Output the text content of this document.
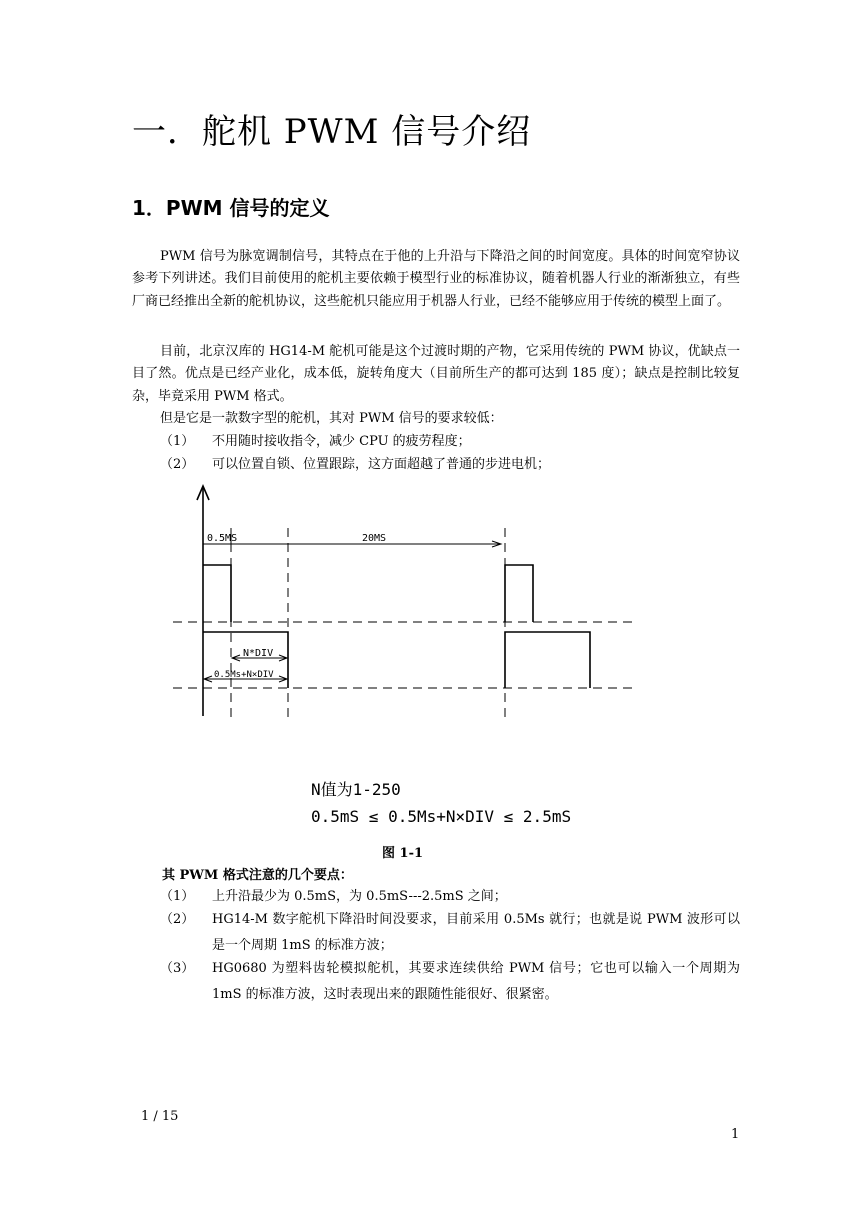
一．舵机 PWM 信号介绍
1．PWM 信号的定义

PWM 信号为脉宽调制信号，其特点在于他的上升沿与下降沿之间的时间宽度。具体的时间宽窄协议参考下列讲述。我们目前使用的舵机主要依赖于模型行业的标准协议，随着机器人行业的渐渐独立，有些厂商已经推出全新的舵机协议，这些舵机只能应用于机器人行业，已经不能够应用于传统的模型上面了。

目前，北京汉库的 HG14-M 舵机可能是这个过渡时期的产物，它采用传统的 PWM 协议，优缺点一目了然。优点是已经产业化，成本低，旋转角度大（目前所生产的都可达到 185 度）；缺点是控制比较复杂，毕竟采用 PWM 格式。

但是它是一款数字型的舵机，其对 PWM 信号的要求较低：

（1） 不用随时接收指令，减少 CPU 的疲劳程度；
（2） 可以位置自锁、位置跟踪，这方面超越了普通的步进电机；
0.5MS	20MS
N*DIV
0.5Ms+N×DIV
N值为1-250
0.5mS ≤ 0.5Ms+N×DIV ≤ 2.5mS
图 1-1
其 PWM 格式注意的几个要点：
（1） 上升沿最少为 0.5mS，为 0.5mS---2.5mS 之间；
（2） HG14-M 数字舵机下降沿时间没要求，目前采用 0.5Ms 就行；也就是说 PWM 波形可以是一个周期 1mS 的标准方波；
（3） HG0680 为塑料齿轮模拟舵机，其要求连续供给 PWM 信号；它也可以输入一个周期为 1mS 的标准方波，这时表现出来的跟随性能很好、很紧密。
1 / 15
1
